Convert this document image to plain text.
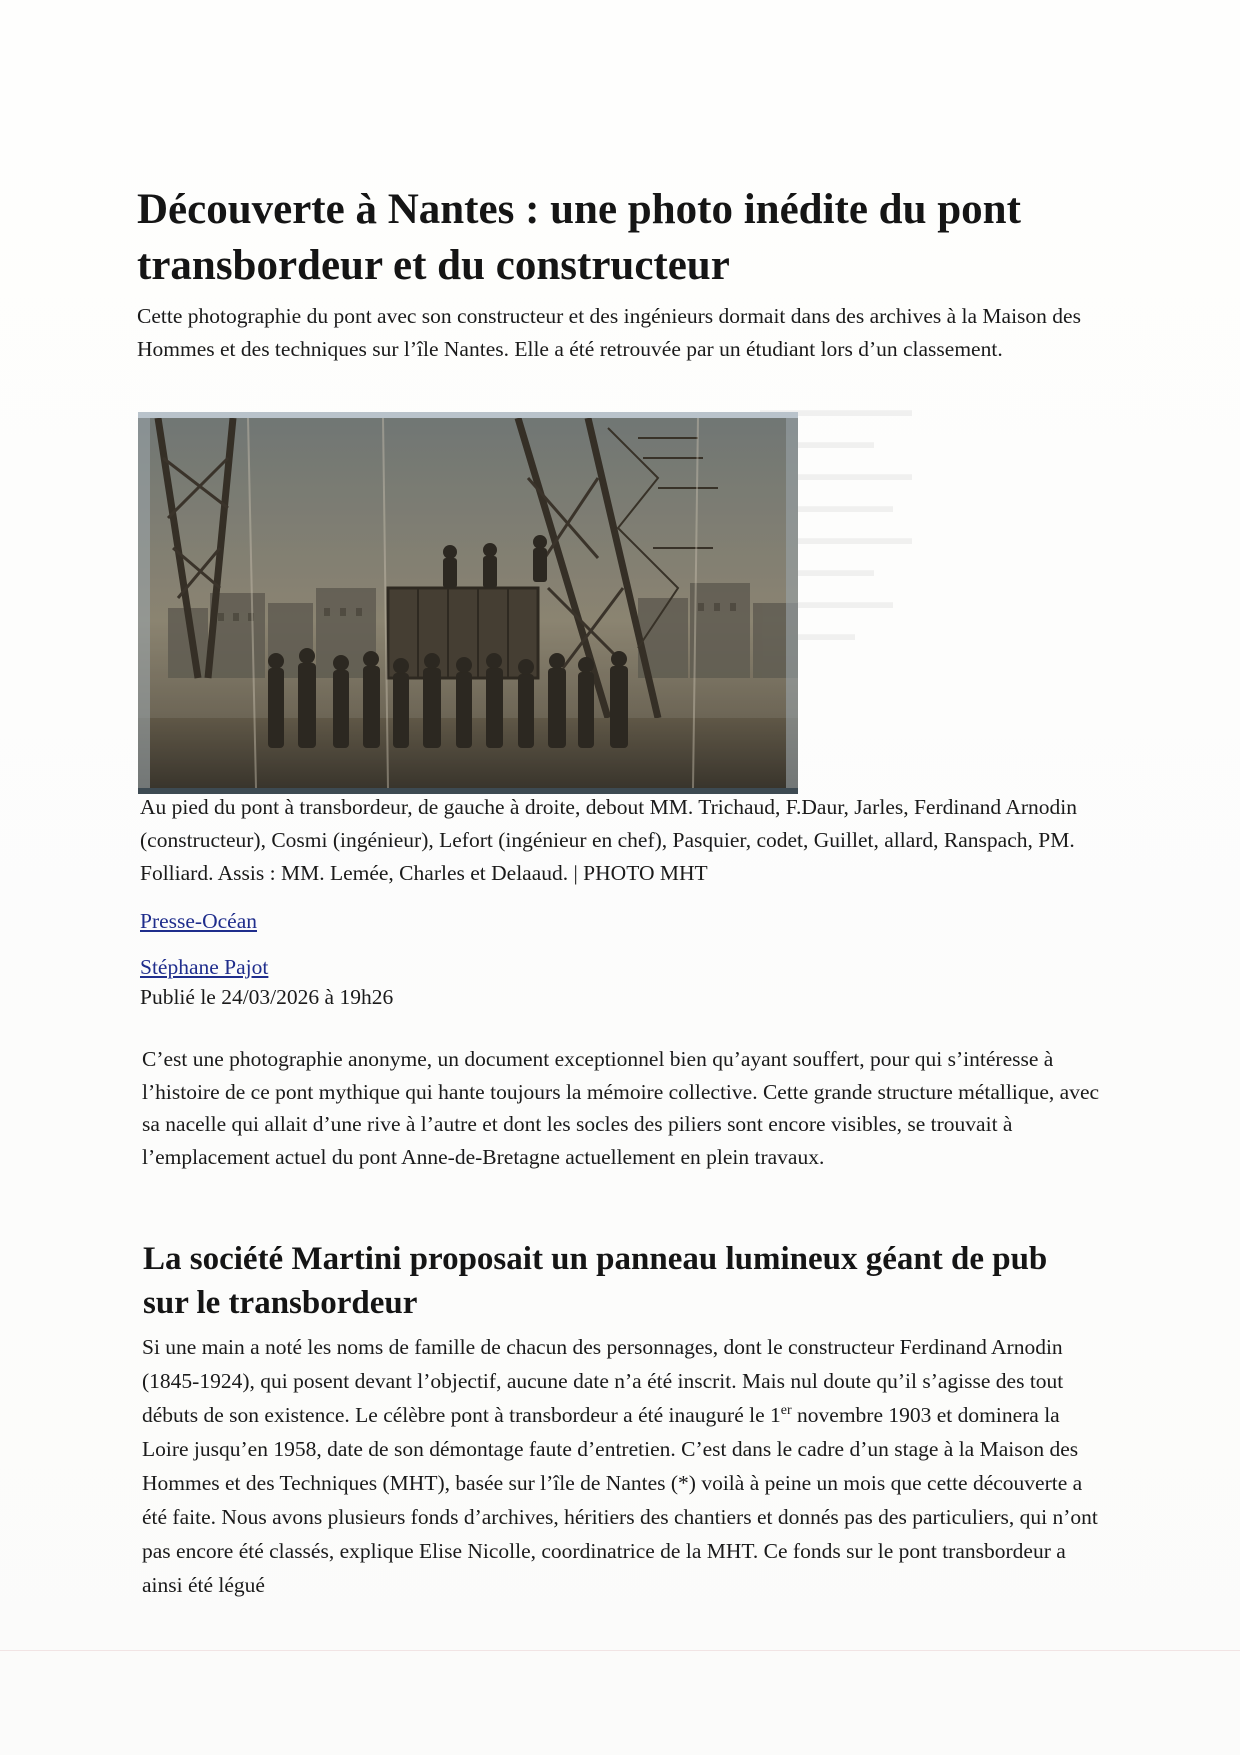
▬▬▬▬▬▬▬▬
▬▬▬▬▬▬
▬▬▬▬▬▬▬▬
▬▬▬▬▬▬▬
▬▬▬▬▬▬▬▬
▬▬▬▬▬▬
▬▬▬▬▬▬▬
▬▬▬▬▬
Découverte à Nantes : une photo inédite du pont transbordeur et du constructeur

Cette photographie du pont avec son constructeur et des ingénieurs dormait dans des archives à la Maison des Hommes et des techniques sur l’île Nantes. Elle a été retrouvée par un étudiant lors d’un classement.

Au pied du pont à transbordeur, de gauche à droite, debout MM. Trichaud, F.Daur, Jarles, Ferdinand Arnodin (constructeur), Cosmi (ingénieur), Lefort (ingénieur en chef), Pasquier, codet, Guillet, allard, Ranspach, PM. Folliard. Assis : MM. Lemée, Charles et Delaaud. | PHOTO MHT

Presse-Océan
Stéphane Pajot
Publié le 24/03/2026 à 19h26

C’est une photographie anonyme, un document exceptionnel bien qu’ayant souffert, pour qui s’intéresse à l’histoire de ce pont mythique qui hante toujours la mémoire collective. Cette grande structure métallique, avec sa nacelle qui allait d’une rive à l’autre et dont les socles des piliers sont encore visibles, se trouvait à l’emplacement actuel du pont Anne-de-Bretagne actuellement en plein travaux.

La société Martini proposait un panneau lumineux géant de pub sur le transbordeur

Si une main a noté les noms de famille de chacun des personnages, dont le constructeur Ferdinand Arnodin (1845-1924), qui posent devant l’objectif, aucune date n’a été inscrit. Mais nul doute qu’il s’agisse des tout débuts de son existence. Le célèbre pont à transbordeur a été inauguré le 1er novembre 1903 et dominera la Loire jusqu’en 1958, date de son démontage faute d’entretien. C’est dans le cadre d’un stage à la Maison des Hommes et des Techniques (MHT), basée sur l’île de Nantes (*) voilà à peine un mois que cette découverte a été faite. Nous avons plusieurs fonds d’archives, héritiers des chantiers et donnés pas des particuliers, qui n’ont pas encore été classés, explique Elise Nicolle, coordinatrice de la MHT. Ce fonds sur le pont transbordeur a ainsi été légué
